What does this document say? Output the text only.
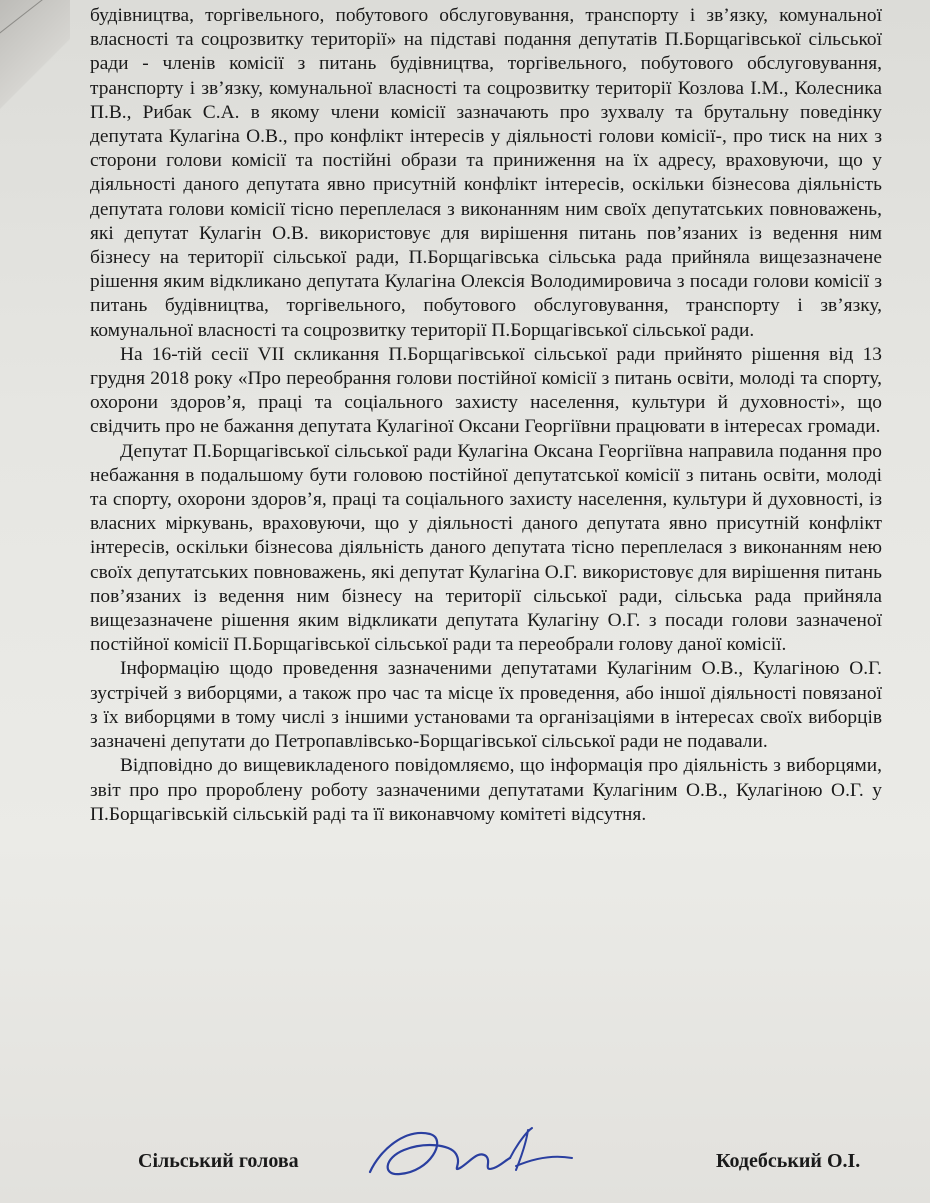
будівництва, торгівельного, побутового обслуговування, транспорту і зв’язку, комунальної власності та соцрозвитку території» на підставі подання депутатів П.Борщагівської сільської ради - членів комісії з питань будівництва, торгівельного, побутового обслуговування, транспорту і зв’язку, комунальної власності та соцрозвитку території Козлова І.М., Колесника П.В., Рибак С.А. в якому члени комісії зазначають про зухвалу та брутальну поведінку депутата Кулагіна О.В., про конфлікт інтересів у діяльності голови комісії-, про тиск на них з сторони голови комісії та постійні образи та приниження на їх адресу, враховуючи, що у діяльності даного депутата явно присутній конфлікт інтересів, оскільки бізнесова діяльність депутата голови комісії тісно переплелася з виконанням ним своїх депутатських повноважень, які депутат Кулагін О.В. використовує для вирішення питань пов’язаних із ведення ним бізнесу на території сільської ради, П.Борщагівська сільська рада прийняла вищезазначене рішення яким відкликано депутата Кулагіна Олексія Володимировича з посади голови комісії з питань будівництва, торгівельного, побутового обслуговування, транспорту і зв’язку, комунальної власності та соцрозвитку території П.Борщагівської сільської ради.

На 16-тій сесії VII скликання П.Борщагівської сільської ради прийнято рішення від 13 грудня 2018 року «Про переобрання голови постійної комісії з питань освіти, молоді та спорту, охорони здоров’я, праці та соціального захисту населення, культури й духовності», що свідчить про не бажання депутата Кулагіної Оксани Георгіївни працювати в інтересах громади.

Депутат П.Борщагівської сільської ради Кулагіна Оксана Георгіївна направила подання про небажання в подальшому бути головою постійної депутатської комісії з питань освіти, молоді та спорту, охорони здоров’я, праці та соціального захисту населення, культури й духовності, із власних міркувань, враховуючи, що у діяльності даного депутата явно присутній конфлікт інтересів, оскільки бізнесова діяльність даного депутата тісно переплелася з виконанням нею своїх депутатських повноважень, які депутат Кулагіна О.Г. використовує для вирішення питань пов’язаних із ведення ним бізнесу на території сільської ради, сільська рада прийняла вищезазначене рішення яким відкликати депутата Кулагіну О.Г. з посади голови зазначеної постійної комісії П.Борщагівської сільської ради та переобрали голову даної комісії.

Інформацію щодо проведення зазначеними депутатами Кулагіним О.В., Кулагіною О.Г. зустрічей з виборцями, а також про час та місце їх проведення, або іншої діяльності повязаної з їх виборцями в тому числі з іншими установами та організаціями в інтересах своїх виборців зазначені депутати до Петропавлівсько-Борщагівської сільської ради не подавали.

Відповідно до вищевикладеного повідомляємо, що інформація про діяльність з виборцями, звіт про про пророблену роботу зазначеними депутатами Кулагіним О.В., Кулагіною О.Г. у П.Борщагівській сільській раді та її виконавчому комітеті відсутня.

Сільський голова	Кодебський О.І.
